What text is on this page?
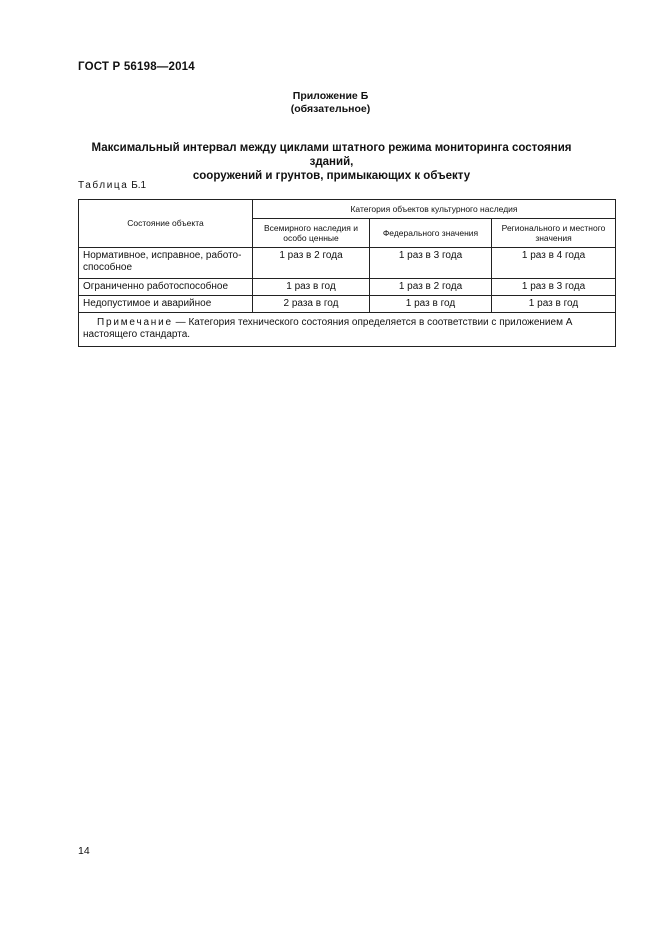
ГОСТ Р 56198—2014
Приложение Б
(обязательное)
Максимальный интервал между циклами штатного режима мониторинга состояния зданий,
сооружений и грунтов, примыкающих к объекту
Таблица Б.1
Состояние объекта	Категория объектов культурного наследия		
	Всемирного наследия и особо ценные	Федерального значения	Регионального и местного значения
Нормативное, исправное, работо-
способное	1 раз в 2 года	1 раз в 3 года	1 раз в 4 года
Ограниченно работоспособное	1 раз в год	1 раз в 2 года	1 раз в 3 года
Недопустимое и аварийное	2 раза в год	1 раз в год	1 раз в год
Примечание — Категория технического состояния определяется в соответствии с приложением А настоящего стандарта.			
14
